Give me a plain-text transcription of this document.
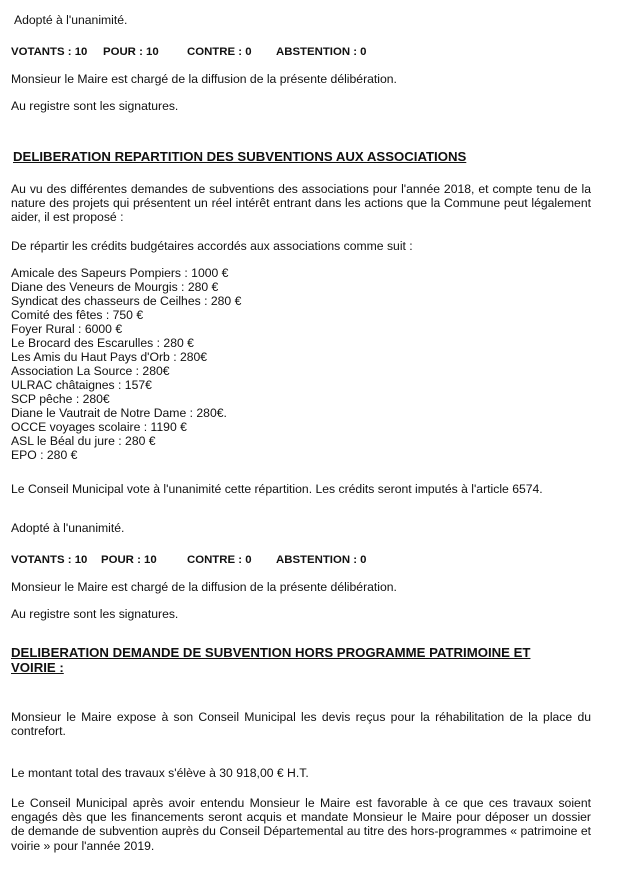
Adopté à l'unanimité.
VOTANTS : 10 POUR : 10 CONTRE : 0 ABSTENTION : 0
Monsieur le Maire est chargé de la diffusion de la présente délibération.
Au registre sont les signatures.
DELIBERATION REPARTITION DES SUBVENTIONS AUX ASSOCIATIONS
Au vu des différentes demandes de subventions des associations pour l'année 2018, et compte tenu de la nature des projets qui présentent un réel intérêt entrant dans les actions que la Commune peut légalement aider, il est proposé :
De répartir les crédits budgétaires accordés aux associations comme suit :
Amicale des Sapeurs Pompiers : 1000 €
Diane des Veneurs de Mourgis : 280 €
Syndicat des chasseurs de Ceilhes : 280 €
Comité des fêtes : 750 €
Foyer Rural : 6000 €
Le Brocard des Escarulles : 280 €
Les Amis du Haut Pays d'Orb : 280€
Association La Source : 280€
ULRAC châtaignes : 157€
SCP pêche : 280€
Diane le Vautrait de Notre Dame : 280€.
OCCE voyages scolaire : 1190 €
ASL le Béal du jure : 280 €
EPO : 280 €
Le Conseil Municipal vote à l'unanimité cette répartition. Les crédits seront imputés à l'article 6574.
Adopté à l'unanimité.
VOTANTS : 10 POUR : 10	CONTRE : 0 ABSTENTION : 0
Monsieur le Maire est chargé de la diffusion de la présente délibération.
Au registre sont les signatures.
DELIBERATION DEMANDE DE SUBVENTION HORS PROGRAMME PATRIMOINE ET
VOIRIE :
Monsieur le Maire expose à son Conseil Municipal les devis reçus pour la réhabilitation de la place du contrefort.
Le montant total des travaux s'élève à 30 918,00 € H.T.
Le Conseil Municipal après avoir entendu Monsieur le Maire est favorable à ce que ces travaux soient engagés dès que les financements seront acquis et mandate Monsieur le Maire pour déposer un dossier de demande de subvention auprès du Conseil Départemental au titre des hors-programmes « patrimoine et voirie » pour l'année 2019.
